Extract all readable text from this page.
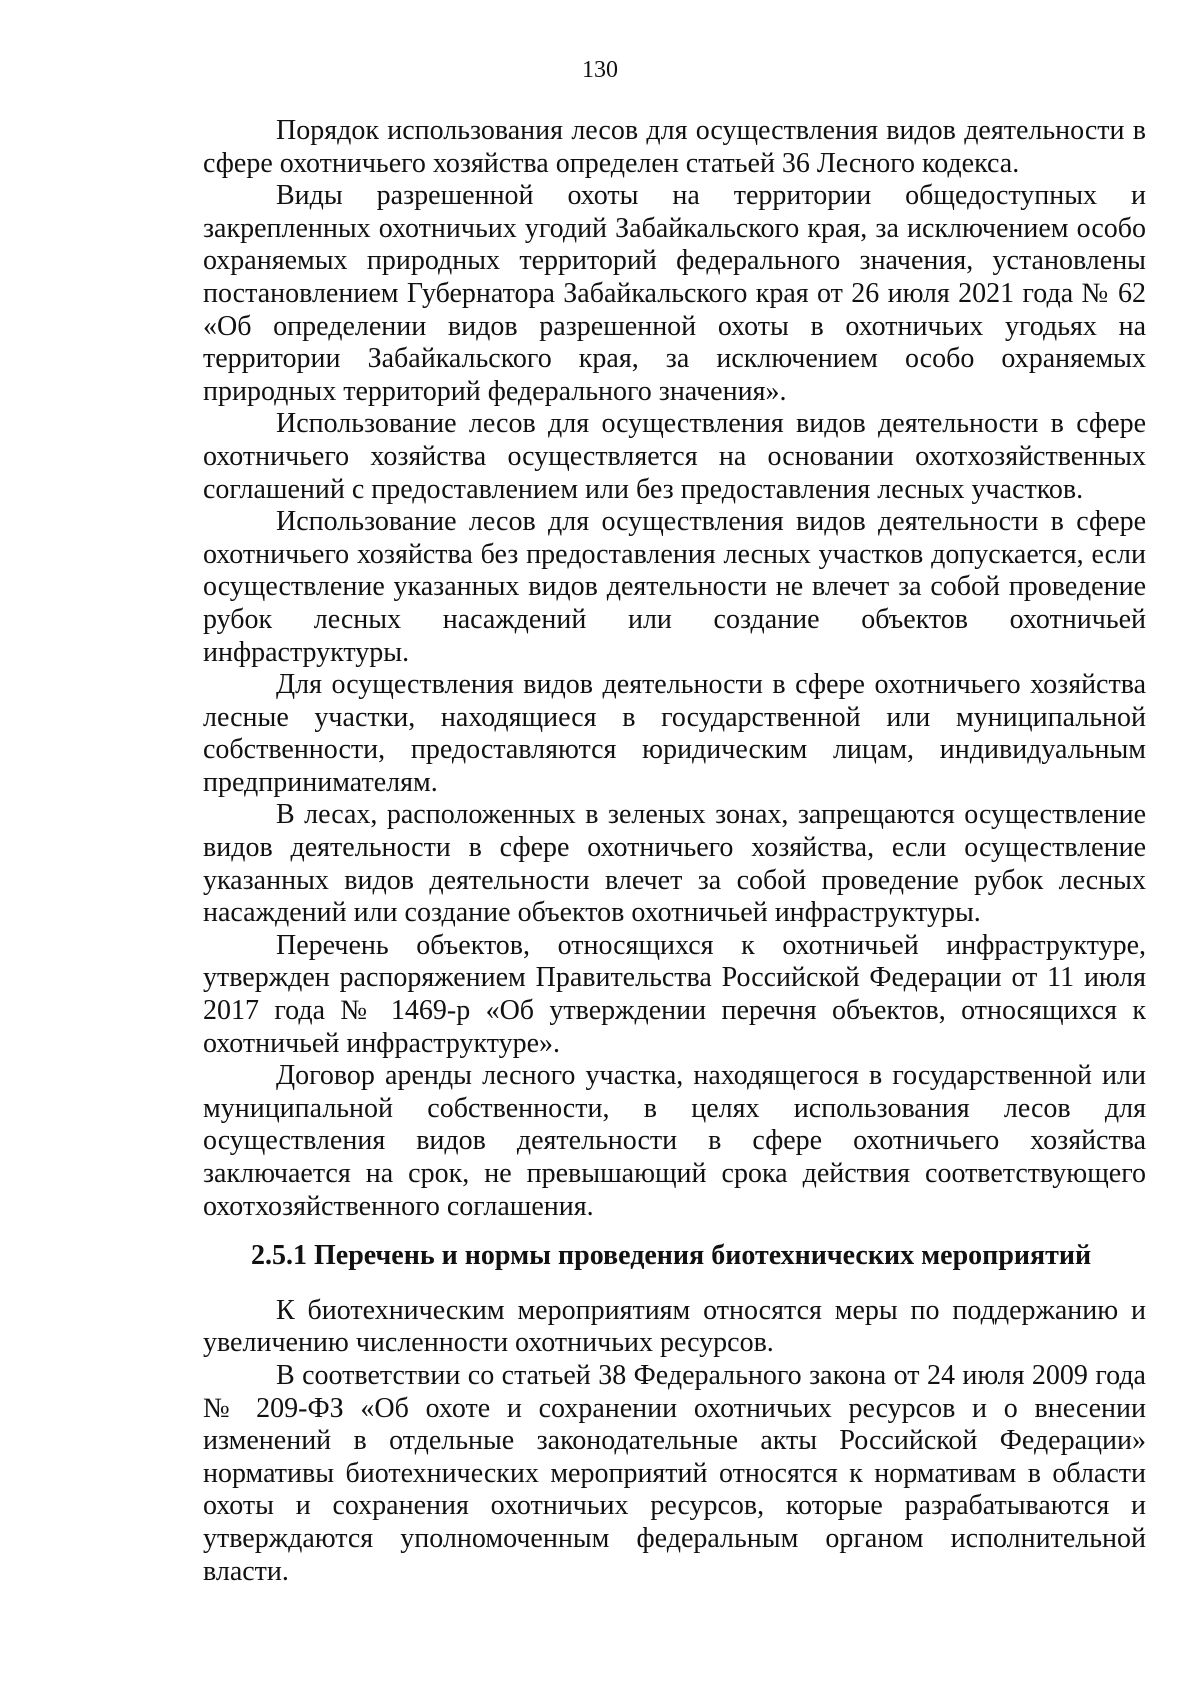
130

Порядок использования лесов для осуществления видов деятельности в сфере охотничьего хозяйства определен статьей 36 Лесного кодекса.

Виды разрешенной охоты на территории общедоступных и закрепленных охотничьих угодий Забайкальского края, за исключением особо охраняемых природных территорий федерального значения, установлены постановлением Губернатора Забайкальского края от 26 июля 2021 года № 62 «Об определении видов разрешенной охоты в охотничьих угодьях на территории Забайкальского края, за исключением особо охраняемых природных территорий федерального значения».

Использование лесов для осуществления видов деятельности в сфере охотничьего хозяйства осуществляется на основании охотхозяйственных соглашений с предоставлением или без предоставления лесных участков.

Использование лесов для осуществления видов деятельности в сфере охотничьего хозяйства без предоставления лесных участков допускается, если осуществление указанных видов деятельности не влечет за собой проведение рубок лесных насаждений или создание объектов охотничьей инфраструктуры.

Для осуществления видов деятельности в сфере охотничьего хозяйства лесные участки, находящиеся в государственной или муниципальной собственности, предоставляются юридическим лицам, индивидуальным предпринимателям.

В лесах, расположенных в зеленых зонах, запрещаются осуществление видов деятельности в сфере охотничьего хозяйства, если осуществление указанных видов деятельности влечет за собой проведение рубок лесных насаждений или создание объектов охотничьей инфраструктуры.

Перечень объектов, относящихся к охотничьей инфраструктуре, утвержден распоряжением Правительства Российской Федерации от 11 июля 2017 года № 1469-р «Об утверждении перечня объектов, относящихся к охотничьей инфраструктуре».

Договор аренды лесного участка, находящегося в государственной или муниципальной собственности, в целях использования лесов для осуществления видов деятельности в сфере охотничьего хозяйства заключается на срок, не превышающий срока действия соответствующего охотхозяйственного соглашения.

2.5.1 Перечень и нормы проведения биотехнических мероприятий

К биотехническим мероприятиям относятся меры по поддержанию и увеличению численности охотничьих ресурсов.

В соответствии со статьей 38 Федерального закона от 24 июля 2009 года № 209-ФЗ «Об охоте и сохранении охотничьих ресурсов и о внесении изменений в отдельные законодательные акты Российской Федерации» нормативы биотехнических мероприятий относятся к нормативам в области охоты и сохранения охотничьих ресурсов, которые разрабатываются и утверждаются уполномоченным федеральным органом исполнительной власти.
